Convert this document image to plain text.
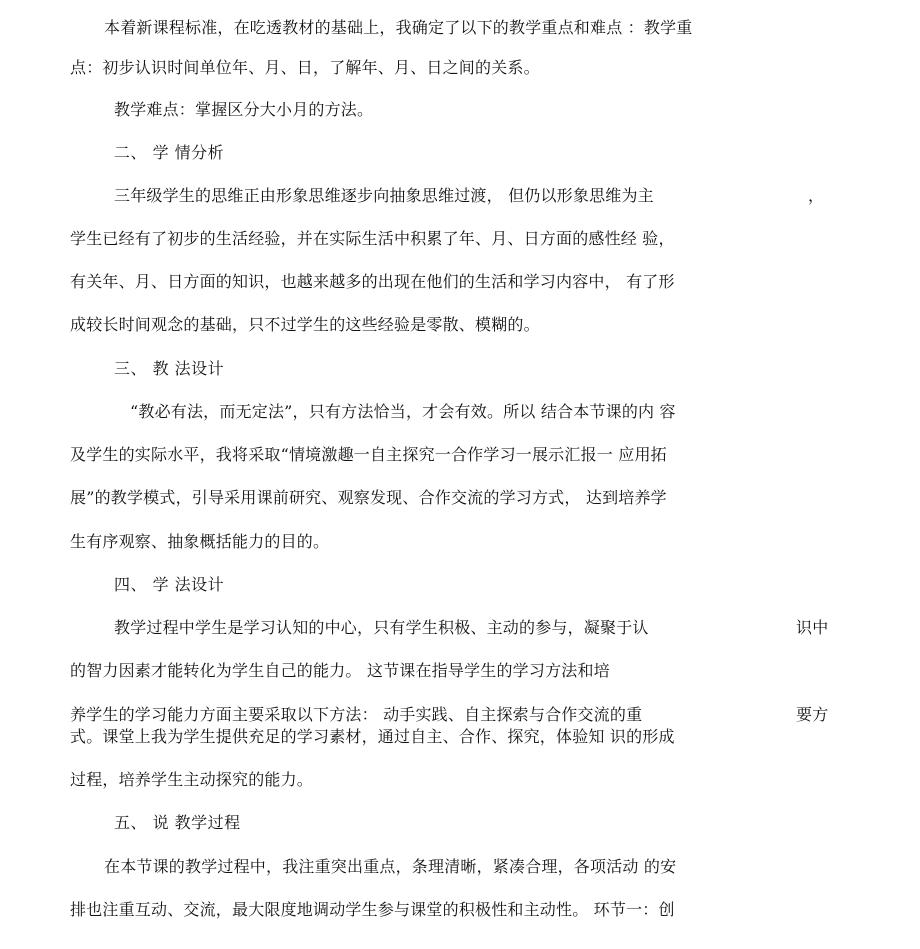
本着新课程标准，在吃透教材的基础上，我确定了以下的教学重点和难点 ：教学重
点：初步认识时间单位年、月、日，了解年、月、日之间的关系。
教学难点：掌握区分大小月的方法。
二、 学 情分析
三年级学生的思维正由形象思维逐步向抽象思维过渡， 但仍以形象思维为主	，
学生已经有了初步的生活经验，并在实际生活中积累了年、月、日方面的感性经 验，
有关年、月、日方面的知识，也越来越多的出现在他们的生活和学习内容中， 有了形
成较长时间观念的基础，只不过学生的这些经验是零散、模糊的。
三、 教 法设计
“教必有法，而无定法”，只有方法恰当，才会有效。所以 结合本节课的内 容
及学生的实际水平，我将采取“情境激趣一自主探究一合作学习一展示汇报一 应用拓
展”的教学模式，引导采用课前研究、观察发现、合作交流的学习方式， 达到培养学
生有序观察、抽象概括能力的目的。
四、 学 法设计
教学过程中学生是学习认知的中心，只有学生积极、主动的参与，凝聚于认	识中
的智力因素才能转化为学生自己的能力。 这节课在指导学生的学习方法和培
养学生的学习能力方面主要采取以下方法： 动手实践、自主探索与合作交流的重	要方
式。课堂上我为学生提供充足的学习素材，通过自主、合作、探究，体验知 识的形成
过程，培养学生主动探究的能力。
五、 说 教学过程
在本节课的教学过程中，我注重突出重点，条理清晰，紧凑合理，各项活动 的安
排也注重互动、交流，最大限度地调动学生参与课堂的积极性和主动性。 环节一：创
